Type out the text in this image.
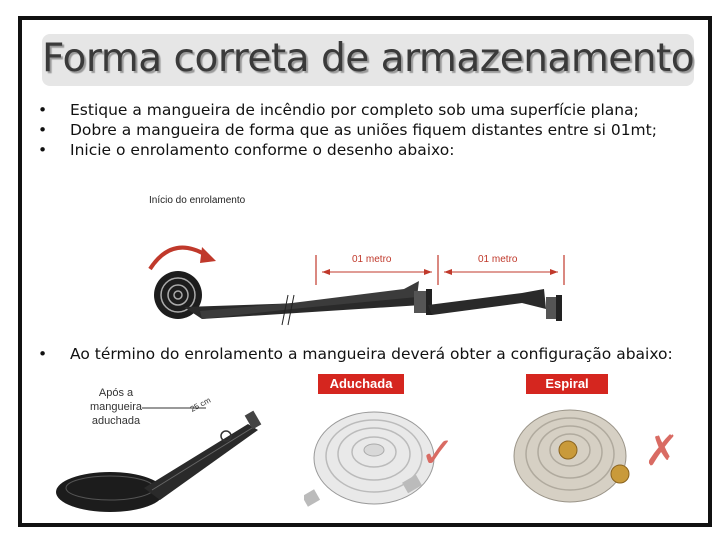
Forma correta de armazenamento
• Estique a mangueira de incêndio por completo sob uma superfície plana;
• Dobre a mangueira de forma que as uniões fiquem distantes entre si 01mt;
• Inicie o enrolamento conforme o desenho abaixo:
Início do enrolamento
01 metro	01 metro
• Ao término do enrolamento a mangueira deverá obter a configuração abaixo:
Após a
mangueira
aduchada
25 cm
Aduchada
✓
Espiral
✗
